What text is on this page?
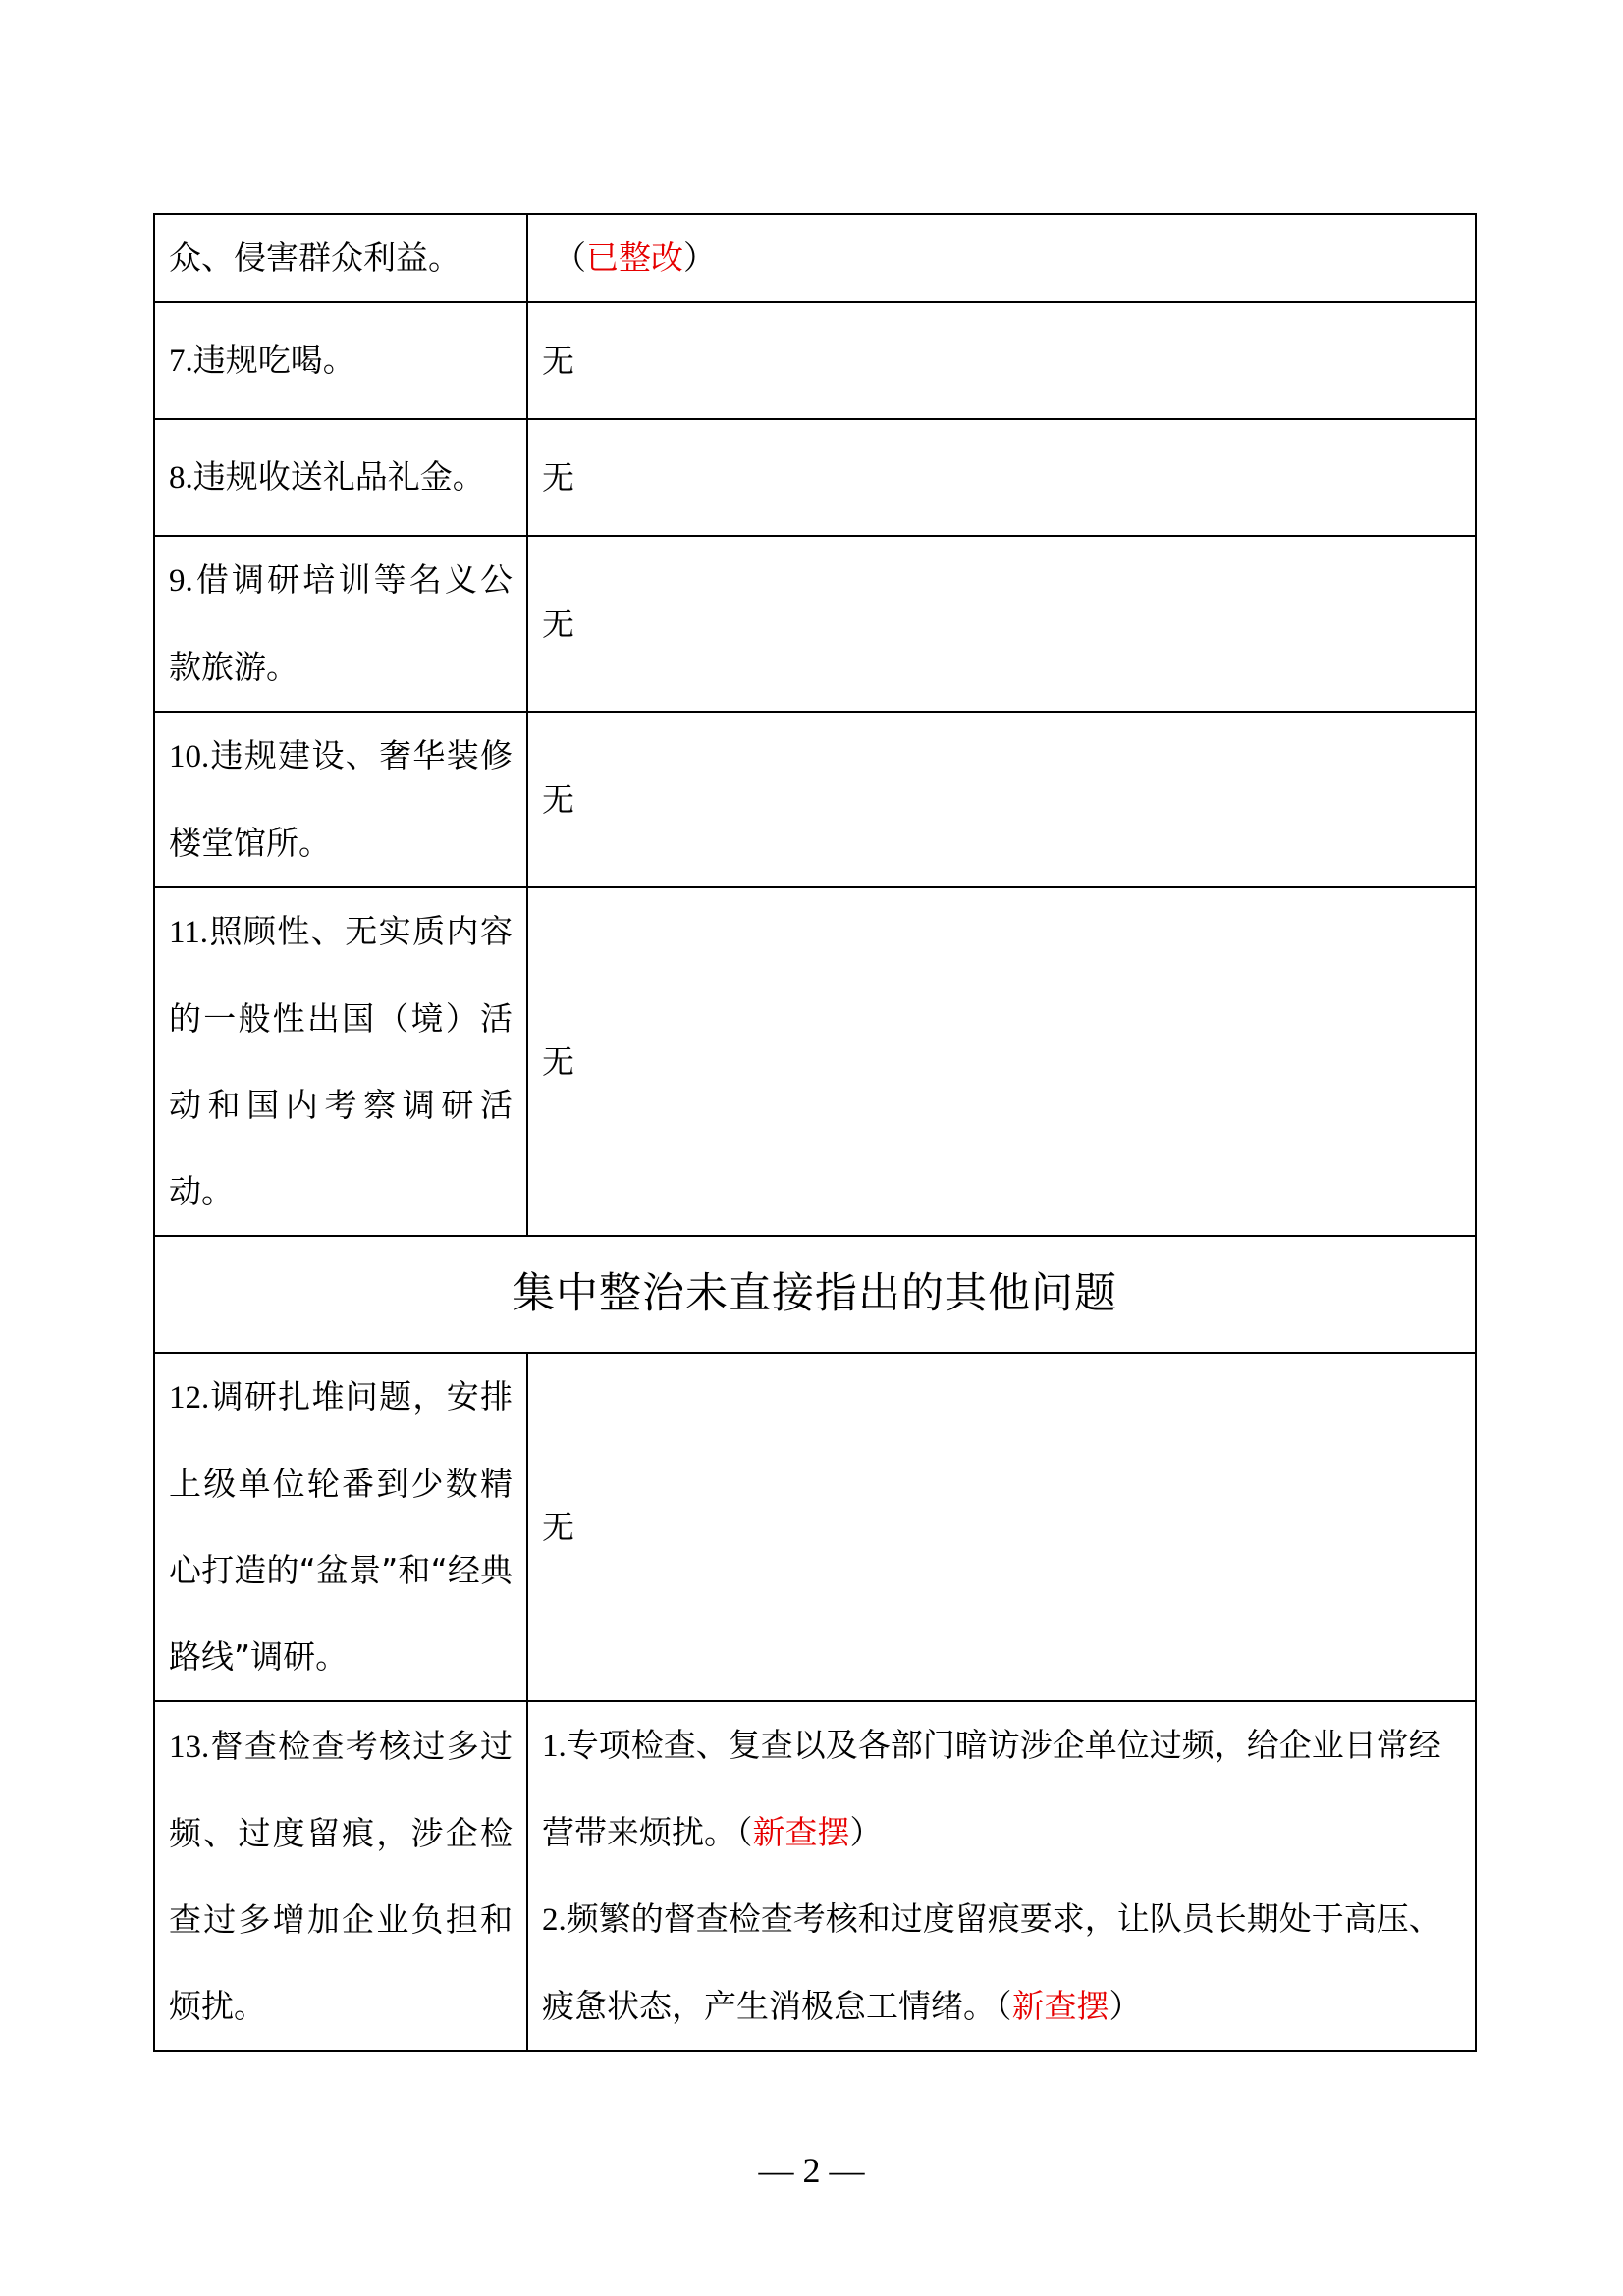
众、侵害群众利益。	（已整改）
7.违规吃喝。	无
8.违规收送礼品礼金。	无
9.借调研培训等名义公款旅游。	无
10.违规建设、奢华装修楼堂馆所。	无
11.照顾性、无实质内容的一般性出国（境）活动和国内考察调研活动。	无
集中整治未直接指出的其他问题	
12.调研扎堆问题，安排上级单位轮番到少数精心打造的“盆景”和“经典路线”调研。	无
13.督查检查考核过多过频、过度留痕，涉企检查过多增加企业负担和烦扰。	1.专项检查、复查以及各部门暗访涉企单位过频，给企业日常经营带来烦扰。（新查摆）
2.频繁的督查检查考核和过度留痕要求，让队员长期处于高压、疲惫状态，产生消极怠工情绪。（新查摆）
— 2 —
